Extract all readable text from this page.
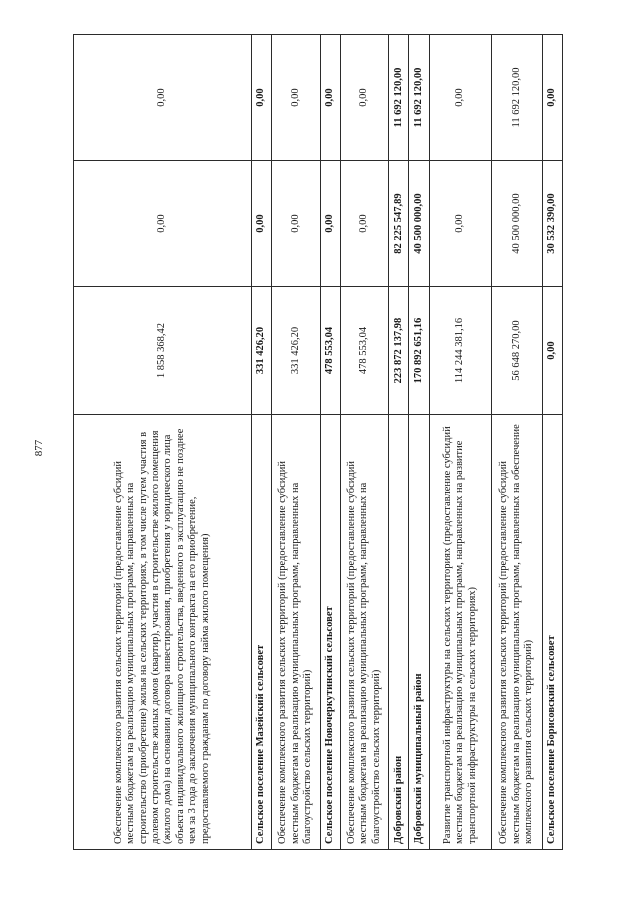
877
Обеспечение комплексного развития сельских территорий (предоставление субсидий местным бюджетам на реализацию муниципальных программ, направленных на строительство (приобретение) жилья на сельских территориях, в том числе путем участия в долевом строительстве жилых домов (квартир), участия в строительстве жилого помещения (жилого дома) на основании договора инвестирования, приобретения у юридического лица объекта индивидуального жилищного строительства, введенного в эксплуатацию не позднее чем за 3 года до заключения муниципального контракта на его приобретение, предоставляемого гражданам по договору найма жилого помещения)	1 858 368,42	0,00	0,00
Сельское поселение Мазейский сельсовет	331 426,20	0,00	0,00
Обеспечение комплексного развития сельских территорий (предоставление субсидий местным бюджетам на реализацию муниципальных программ, направленных на благоустройство сельских территорий)	331 426,20	0,00	0,00
Сельское поселение Новочеркутинский сельсовет	478 553,04	0,00	0,00
Обеспечение комплексного развития сельских территорий (предоставление субсидий местным бюджетам на реализацию муниципальных программ, направленных на благоустройство сельских территорий)	478 553,04	0,00	0,00
Добровский район	223 872 137,98	82 225 547,89	11 692 120,00
Добровский муниципальный район	170 892 651,16	40 500 000,00	11 692 120,00
Развитие транспортной инфраструктуры на сельских территориях (предоставление субсидий местным бюджетам на реализацию муниципальных программ, направленных на развитие транспортной инфраструктуры на сельских территориях)	114 244 381,16	0,00	0,00
Обеспечение комплексного развития сельских территорий (предоставление субсидий местным бюджетам на реализацию муниципальных программ, направленных на обеспечение комплексного развития сельских территорий)	56 648 270,00	40 500 000,00	11 692 120,00
Сельское поселение Борисовский сельсовет	0,00	30 532 390,00	0,00
